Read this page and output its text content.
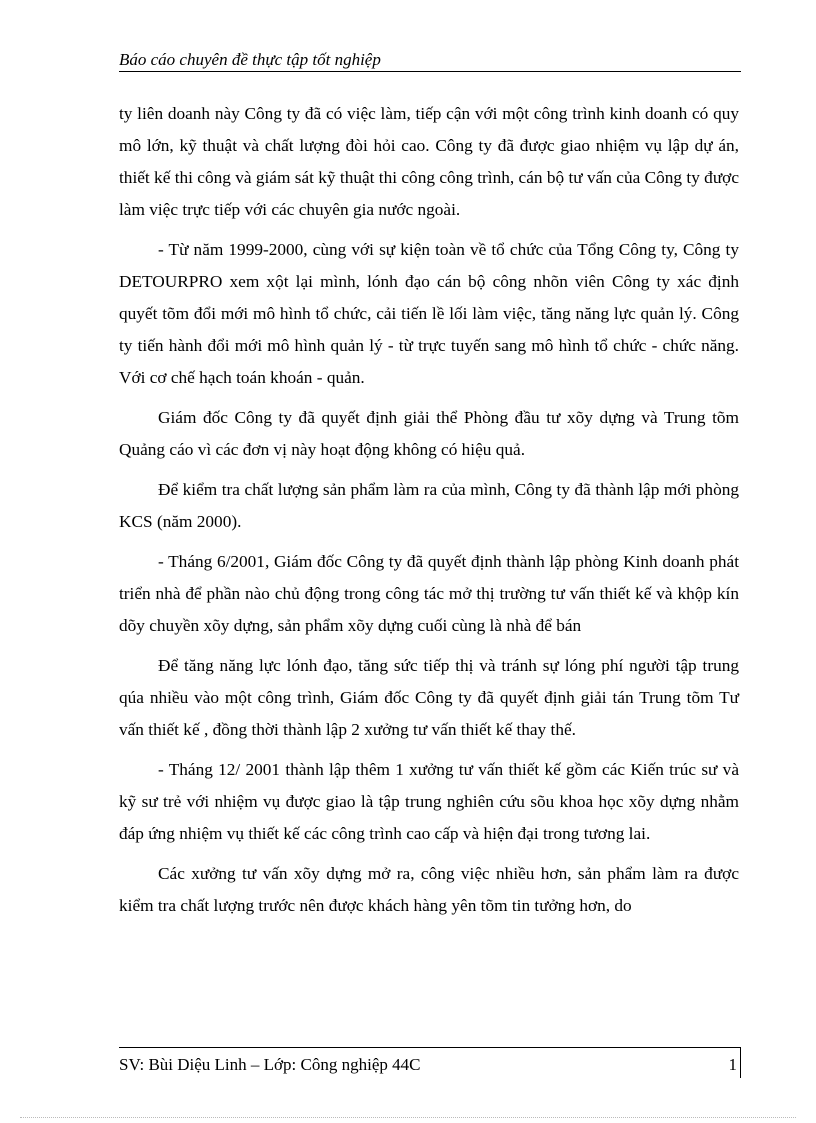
Báo cáo chuyên đề thực tập tốt nghiệp

ty liên doanh này Công ty đã có việc làm, tiếp cận với một công trình kinh doanh có quy mô lớn, kỹ thuật và chất lượng đòi hỏi cao. Công ty đã được giao nhiệm vụ lập dự án, thiết kế thi công và giám sát kỹ thuật thi công công trình, cán bộ tư vấn của Công ty được làm việc trực tiếp với các chuyên gia nước ngoài.

- Từ năm 1999-2000, cùng với sự kiện toàn về tổ chức của Tổng Công ty, Công ty DETOURPRO xem xột lại mình, lónh đạo cán bộ công nhõn viên Công ty xác định quyết tõm đổi mới mô hình tổ chức, cải tiến lề lối làm việc, tăng năng lực quản lý. Công ty tiến hành đổi mới mô hình quản lý - từ trực tuyến sang mô hình tổ chức - chức năng. Với cơ chế hạch toán khoán - quản.

Giám đốc Công ty đã quyết định giải thể Phòng đầu tư xõy dựng và Trung tõm Quảng cáo vì các đơn vị này hoạt động không có hiệu quả.

Để kiểm tra chất lượng sản phẩm làm ra của mình, Công ty đã thành lập mới phòng KCS (năm 2000).

- Tháng 6/2001, Giám đốc Công ty đã quyết định thành lập phòng Kinh doanh phát triển nhà để phần nào chủ động trong công tác mở thị trường tư vấn thiết kế và khộp kín dõy chuyền xõy dựng, sản phẩm xõy dựng cuối cùng là nhà để bán

Để tăng năng lực lónh đạo, tăng sức tiếp thị và tránh sự lóng phí người tập trung qúa nhiều vào một công trình, Giám đốc Công ty đã quyết định giải tán Trung tõm Tư vấn thiết kế , đồng thời thành lập 2 xưởng tư vấn thiết kế thay thế.

- Tháng 12/ 2001 thành lập thêm 1 xưởng tư vấn thiết kế gồm các Kiến trúc sư và kỹ sư trẻ với nhiệm vụ được giao là tập trung nghiên cứu sõu khoa học xõy dựng nhằm đáp ứng nhiệm vụ thiết kế các công trình cao cấp và hiện đại trong tương lai.

Các xưởng tư vấn xõy dựng mở ra, công việc nhiều hơn, sản phẩm làm ra được kiểm tra chất lượng trước nên được khách hàng yên tõm tin tưởng hơn, do

SV: Bùi Diệu Linh – Lớp: Công nghiệp 44C	1
